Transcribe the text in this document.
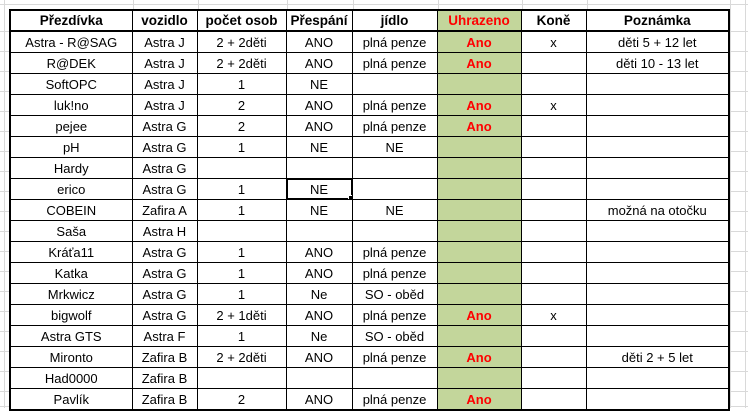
Přezdívka	vozidlo	počet osob	Přespání	jídlo	Uhrazeno	Koně	Poznámka
Astra - R@SAG	Astra J	2 + 2děti	ANO	plná penze	Ano	x	děti 5 + 12 let
R@DEK	Astra J	2 + 2děti	ANO	plná penze	Ano		děti 10 - 13 let
SoftOPC	Astra J	1	NE				
luk!no	Astra J	2	ANO	plná penze	Ano	x	
pejee	Astra G	2	ANO	plná penze	Ano		
pH	Astra G	1	NE	NE			
Hardy	Astra G						
erico	Astra G	1	NE

COBEIN	Zafira A	1	NE	NE			možná na otočku
Saša	Astra H						
Kráťa11	Astra G	1	ANO	plná penze			
Katka	Astra G	1	ANO	plná penze			
Mrkwicz	Astra G	1	Ne	SO - oběd			
bigwolf	Astra G	2 + 1děti	ANO	plná penze	Ano	x	
Astra GTS	Astra F	1	Ne	SO - oběd			
Mironto	Zafira B	2 + 2děti	ANO	plná penze	Ano		děti 2 + 5 let
Had0000	Zafira B						
Pavlík	Zafira B	2	ANO	plná penze	Ano		
